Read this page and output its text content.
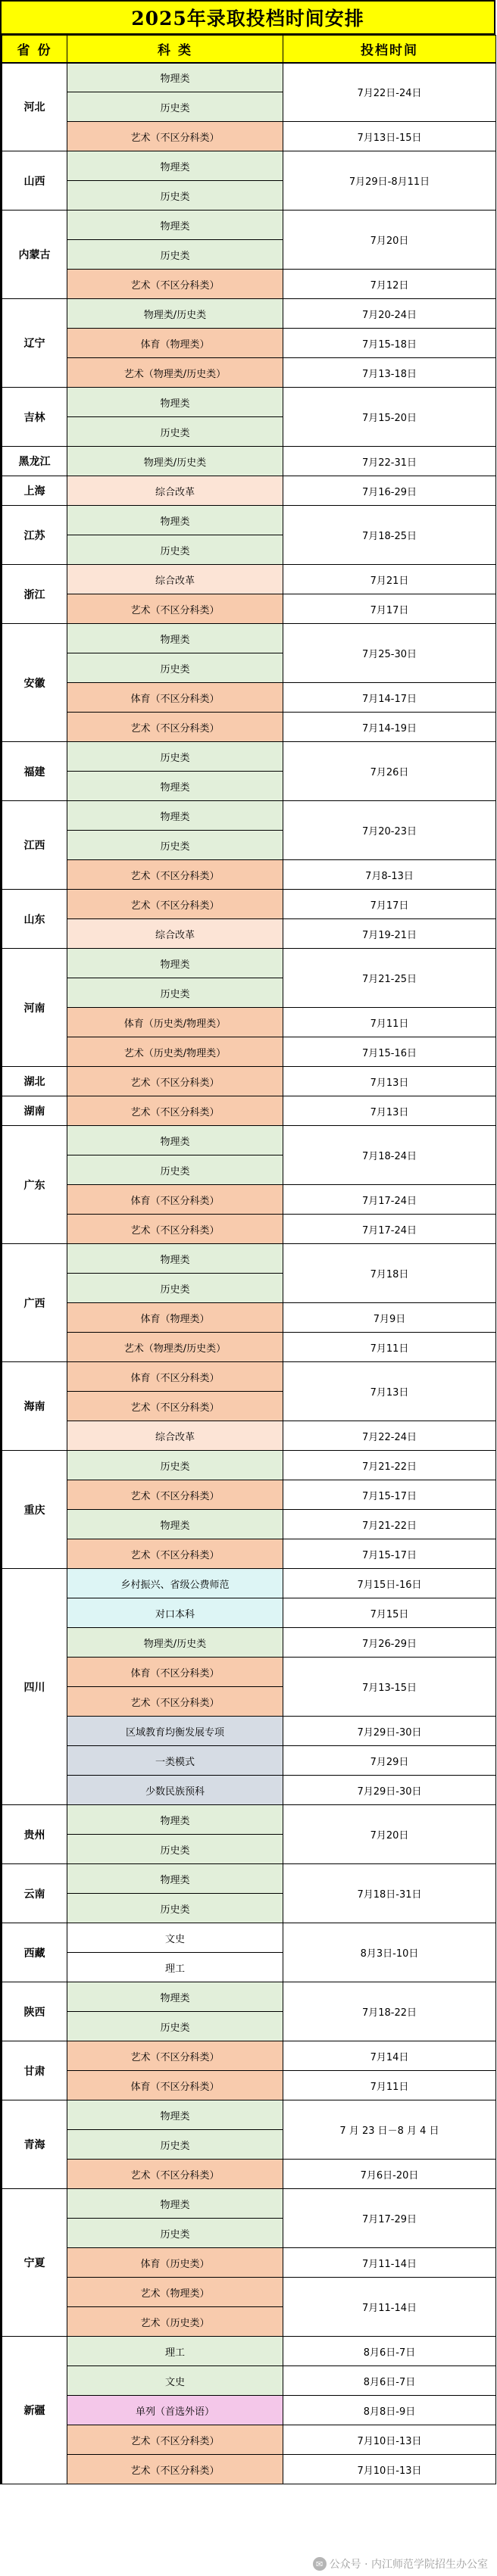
2025年录取投档时间安排
省 份	科 类	投档时间
河北	物理类	7月22日-24日
	历史类	
	艺术（不区分科类）	7月13日-15日
山西	物理类	7月29日-8月11日
	历史类	
内蒙古	物理类	7月20日
	历史类	
	艺术（不区分科类）	7月12日
辽宁	物理类/历史类	7月20-24日
	体育（物理类）	7月15-18日
	艺术（物理类/历史类）	7月13-18日
吉林	物理类	7月15-20日
	历史类	
黑龙江	物理类/历史类	7月22-31日
上海	综合改革	7月16-29日
江苏	物理类	7月18-25日
	历史类	
浙江	综合改革	7月21日
	艺术（不区分科类）	7月17日
安徽	物理类	7月25-30日
	历史类	
	体育（不区分科类）	7月14-17日
	艺术（不区分科类）	7月14-19日
福建	历史类	7月26日
	物理类	
江西	物理类	7月20-23日
	历史类	
	艺术（不区分科类）	7月8-13日
山东	艺术（不区分科类）	7月17日
	综合改革	7月19-21日
河南	物理类	7月21-25日
	历史类	
	体育（历史类/物理类）	7月11日
	艺术（历史类/物理类）	7月15-16日
湖北	艺术（不区分科类）	7月13日
湖南	艺术（不区分科类）	7月13日
广东	物理类	7月18-24日
	历史类	
	体育（不区分科类）	7月17-24日
	艺术（不区分科类）	7月17-24日
广西	物理类	7月18日
	历史类	
	体育（物理类）	7月9日
	艺术（物理类/历史类）	7月11日
海南	体育（不区分科类）	7月13日
	艺术（不区分科类）	
	综合改革	7月22-24日
重庆	历史类	7月21-22日
	艺术（不区分科类）	7月15-17日
	物理类	7月21-22日
	艺术（不区分科类）	7月15-17日
四川	乡村振兴、省级公费师范	7月15日-16日
	对口本科	7月15日
	物理类/历史类	7月26-29日
	体育（不区分科类）	7月13-15日
	艺术（不区分科类）	
	区域教育均衡发展专项	7月29日-30日
	一类模式	7月29日
	少数民族预科	7月29日-30日
贵州	物理类	7月20日
	历史类	
云南	物理类	7月18日-31日
	历史类	
西藏	文史	8月3日-10日
	理工	
陕西	物理类	7月18-22日
	历史类	
甘肃	艺术（不区分科类）	7月14日
	体育（不区分科类）	7月11日
青海	物理类	7 月 23 日－8 月 4 日
	历史类	
	艺术（不区分科类）	7月6日-20日
宁夏	物理类	7月17-29日
	历史类	
	体育（历史类）	7月11-14日
	艺术（物理类）	7月11-14日
	艺术（历史类）	
新疆	理工	8月6日-7日
	文史	8月6日-7日
	单列（首选外语）	8月8日-9日
	艺术（不区分科类）	7月10日-13日
	艺术（不区分科类）	7月10日-13日
✉ 公众号 · 内江师范学院招生办公室
